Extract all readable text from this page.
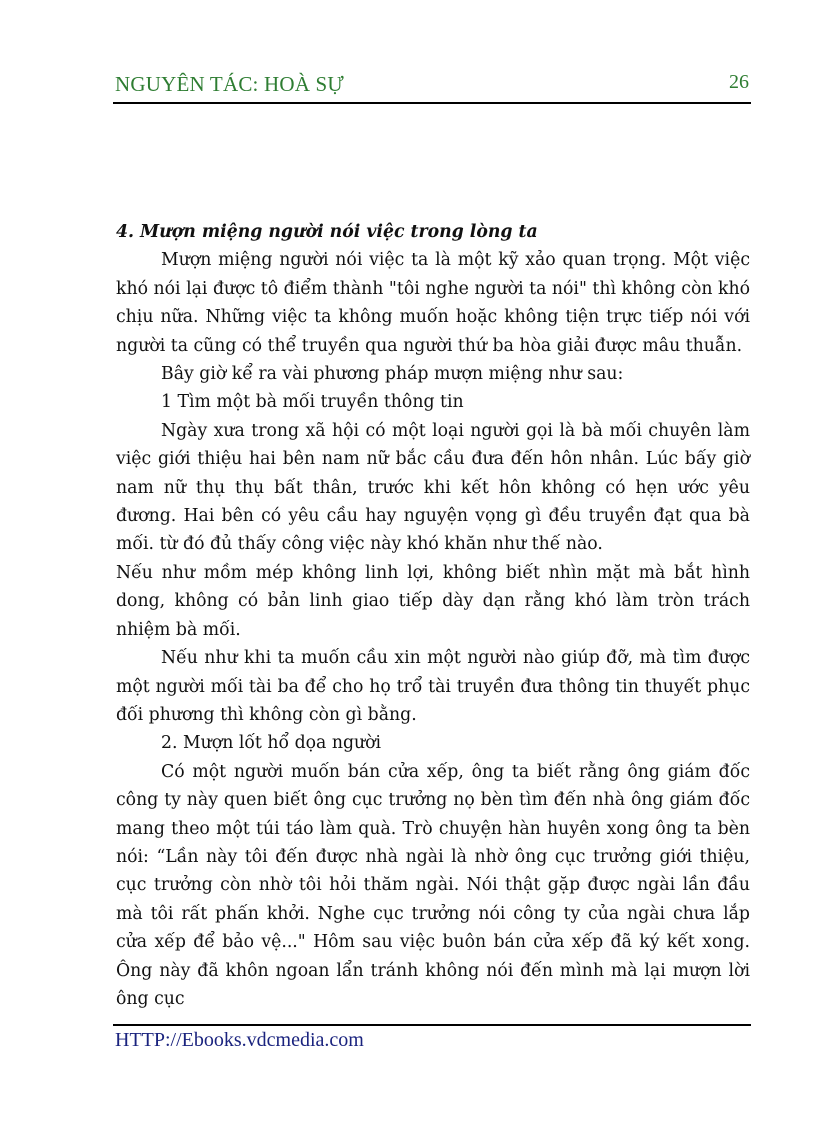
NGUYÊN TÁC: HOÀ SỰ	26

4. Mượn miệng người nói việc trong lòng ta

Mượn miệng người nói việc ta là một kỹ xảo quan trọng. Một việc khó nói lại được tô điểm thành "tôi nghe người ta nói" thì không còn khó chịu nữa. Những việc ta không muốn hoặc không tiện trực tiếp nói với người ta cũng có thể truyền qua người thứ ba hòa giải được mâu thuẫn.

Bây giờ kể ra vài phương pháp mượn miệng như sau:

1 Tìm một bà mối truyền thông tin

Ngày xưa trong xã hội có một loại người gọi là bà mối chuyên làm việc giới thiệu hai bên nam nữ bắc cầu đưa đến hôn nhân. Lúc bấy giờ nam nữ thụ thụ bất thân, trước khi kết hôn không có hẹn ước yêu đương. Hai bên có yêu cầu hay nguyện vọng gì đều truyền đạt qua bà mối. từ đó đủ thấy công việc này khó khăn như thế nào.

Nếu như mồm mép không linh lợi, không biết nhìn mặt mà bắt hình dong, không có bản linh giao tiếp dày dạn rằng khó làm tròn trách nhiệm bà mối.

Nếu như khi ta muốn cầu xin một người nào giúp đỡ, mà tìm được một người mối tài ba để cho họ trổ tài truyền đưa thông tin thuyết phục đối phương thì không còn gì bằng.

2. Mượn lốt hổ dọa người

Có một người muốn bán cửa xếp, ông ta biết rằng ông giám đốc công ty này quen biết ông cục trưởng nọ bèn tìm đến nhà ông giám đốc mang theo một túi táo làm quà. Trò chuyện hàn huyên xong ông ta bèn nói: “Lần này tôi đến được nhà ngài là nhờ ông cục trưởng giới thiệu, cục trưởng còn nhờ tôi hỏi thăm ngài. Nói thật gặp được ngài lần đầu mà tôi rất phấn khởi. Nghe cục trưởng nói công ty của ngài chưa lắp cửa xếp để bảo vệ..." Hôm sau việc buôn bán cửa xếp đã ký kết xong. Ông này đã khôn ngoan lẩn tránh không nói đến mình mà lại mượn lời ông cục

HTTP://Ebooks.vdcmedia.com
